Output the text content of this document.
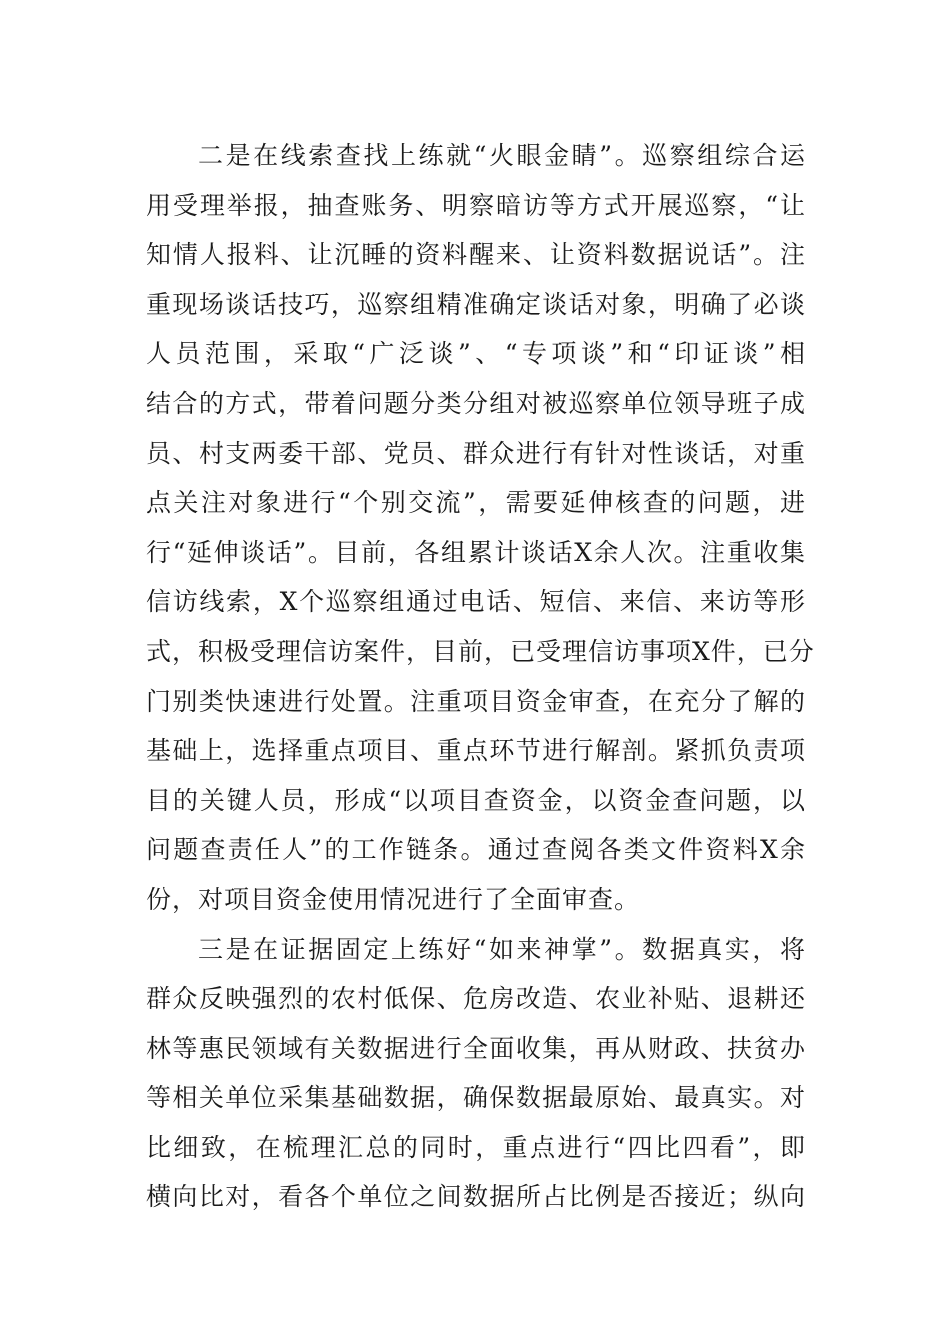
二是在线索查找上练就“火眼金睛”。巡察组综合运
用受理举报，抽查账务、明察暗访等方式开展巡察，“让
知情人报料、让沉睡的资料醒来、让资料数据说话”。注
重现场谈话技巧，巡察组精准确定谈话对象，明确了必谈
人员范围，采取“广泛谈”、“专项谈”和“印证谈”相
结合的方式，带着问题分类分组对被巡察单位领导班子成
员、村支两委干部、党员、群众进行有针对性谈话，对重
点关注对象进行“个别交流”，需要延伸核查的问题，进
行“延伸谈话”。目前，各组累计谈话X余人次。注重收集
信访线索，X个巡察组通过电话、短信、来信、来访等形
式，积极受理信访案件，目前，已受理信访事项X件，已分
门别类快速进行处置。注重项目资金审查，在充分了解的
基础上，选择重点项目、重点环节进行解剖。紧抓负责项
目的关键人员，形成“以项目查资金，以资金查问题，以
问题查责任人”的工作链条。通过查阅各类文件资料X余
份，对项目资金使用情况进行了全面审查。
三是在证据固定上练好“如来神掌”。数据真实，将
群众反映强烈的农村低保、危房改造、农业补贴、退耕还
林等惠民领域有关数据进行全面收集，再从财政、扶贫办
等相关单位采集基础数据，确保数据最原始、最真实。对
比细致，在梳理汇总的同时，重点进行“四比四看”，即
横向比对，看各个单位之间数据所占比例是否接近；纵向
